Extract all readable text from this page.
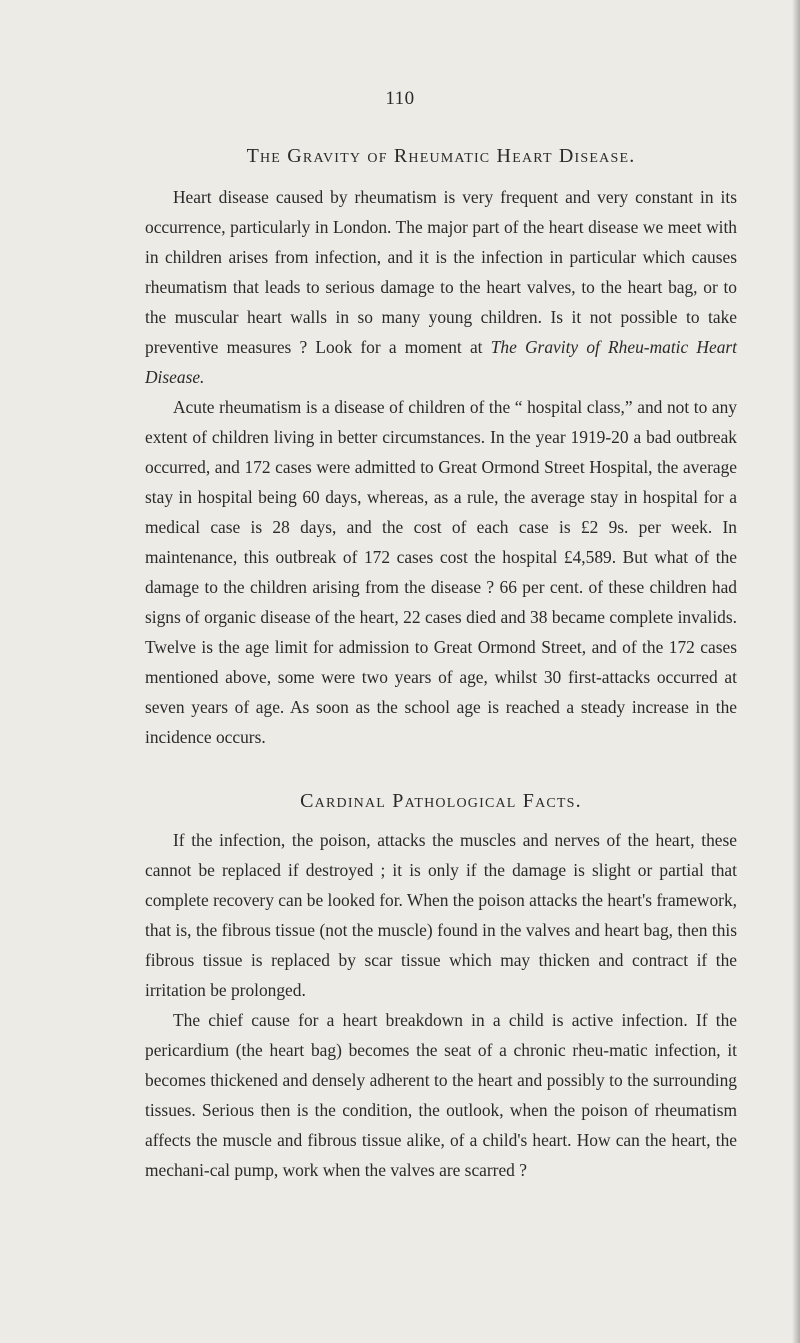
110
The Gravity of Rheumatic Heart Disease.

Heart disease caused by rheumatism is very frequent and very constant in its occurrence, particularly in London. The major part of the heart disease we meet with in children arises from infection, and it is the infection in particular which causes rheumatism that leads to serious damage to the heart valves, to the heart bag, or to the muscular heart walls in so many young children. Is it not possible to take preventive measures ? Look for a moment at The Gravity of Rheu-matic Heart Disease.

Acute rheumatism is a disease of children of the “ hospital class,” and not to any extent of children living in better circumstances. In the year 1919-20 a bad outbreak occurred, and 172 cases were admitted to Great Ormond Street Hospital, the average stay in hospital being 60 days, whereas, as a rule, the average stay in hospital for a medical case is 28 days, and the cost of each case is £2 9s. per week. In maintenance, this outbreak of 172 cases cost the hospital £4,589. But what of the damage to the children arising from the disease ? 66 per cent. of these children had signs of organic disease of the heart, 22 cases died and 38 became complete invalids. Twelve is the age limit for admission to Great Ormond Street, and of the 172 cases mentioned above, some were two years of age, whilst 30 first-attacks occurred at seven years of age. As soon as the school age is reached a steady increase in the incidence occurs.

Cardinal Pathological Facts.

If the infection, the poison, attacks the muscles and nerves of the heart, these cannot be replaced if destroyed ; it is only if the damage is slight or partial that complete recovery can be looked for. When the poison attacks the heart's framework, that is, the fibrous tissue (not the muscle) found in the valves and heart bag, then this fibrous tissue is replaced by scar tissue which may thicken and contract if the irritation be prolonged.

The chief cause for a heart breakdown in a child is active infection. If the pericardium (the heart bag) becomes the seat of a chronic rheu-matic infection, it becomes thickened and densely adherent to the heart and possibly to the surrounding tissues. Serious then is the condition, the outlook, when the poison of rheumatism affects the muscle and fibrous tissue alike, of a child's heart. How can the heart, the mechani-cal pump, work when the valves are scarred ?
